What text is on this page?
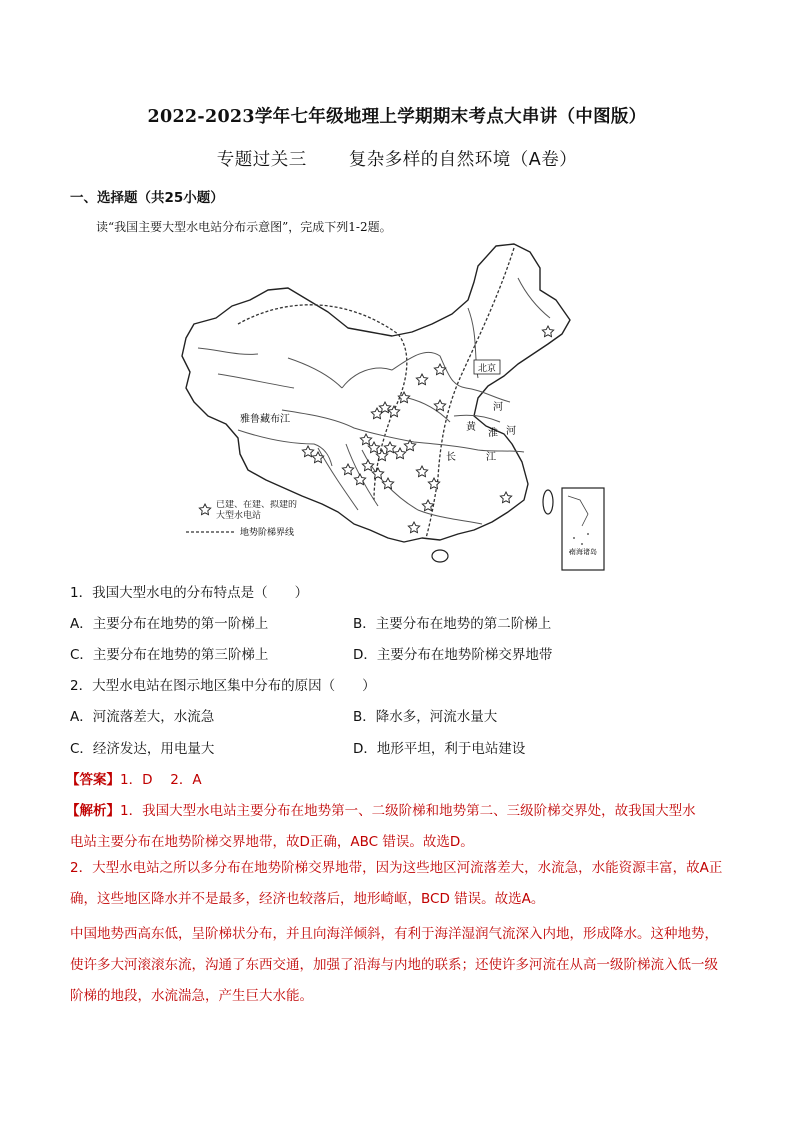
2022-2023学年七年级地理上学期期末考点大串讲（中图版）
专题过关三 复杂多样的自然环境（A卷）
一、选择题（共25小题）
读“我国主要大型水电站分布示意图”，完成下列1-2题。
南海诸岛
北京
河
黄
淮 河
长	江
雅鲁藏布江
已建、在建、拟建的大型水电站
地势阶梯界线
1．我国大型水电的分布特点是（　　）
A．主要分布在地势的第一阶梯上	B．主要分布在地势的第二阶梯上
C．主要分布在地势的第三阶梯上	D．主要分布在地势阶梯交界地带
2．大型水电站在图示地区集中分布的原因（　　）
A．河流落差大，水流急	B．降水多，河流水量大
C．经济发达，用电量大	D．地形平坦，利于电站建设
【答案】1．D　 2．A
【解析】1．我国大型水电站主要分布在地势第一、二级阶梯和地势第二、三级阶梯交界处，故我国大型水
电站主要分布在地势阶梯交界地带，故D正确，ABC 错误。故选D。
2．大型水电站之所以多分布在地势阶梯交界地带，因为这些地区河流落差大，水流急，水能资源丰富，故A正确，这些地区降水并不是最多，经济也较落后，地形崎岖，BCD 错误。故选A。
中国地势西高东低，呈阶梯状分布，并且向海洋倾斜，有利于海洋湿润气流深入内地，形成降水。这种地势，使许多大河滚滚东流，沟通了东西交通，加强了沿海与内地的联系；还使许多河流在从高一级阶梯流入低一级阶梯的地段，水流湍急，产生巨大水能。
